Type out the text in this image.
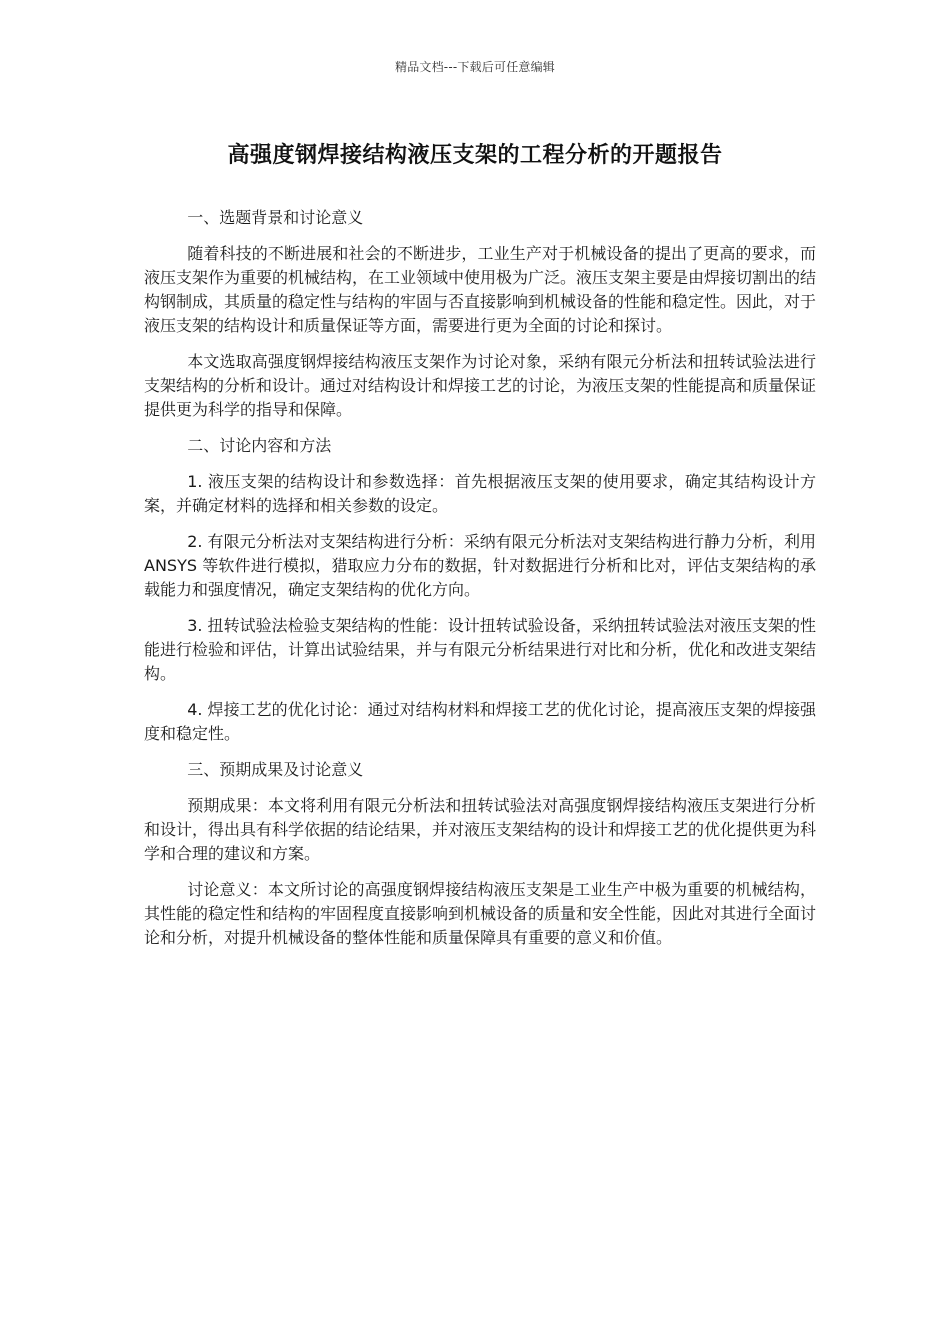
精品文档---下载后可任意编辑
高强度钢焊接结构液压支架的工程分析的开题报告

一、选题背景和讨论意义

随着科技的不断进展和社会的不断进步，工业生产对于机械设备的提出了更高的要求，而液压支架作为重要的机械结构，在工业领域中使用极为广泛。液压支架主要是由焊接切割出的结构钢制成，其质量的稳定性与结构的牢固与否直接影响到机械设备的性能和稳定性。因此，对于液压支架的结构设计和质量保证等方面，需要进行更为全面的讨论和探讨。

本文选取高强度钢焊接结构液压支架作为讨论对象，采纳有限元分析法和扭转试验法进行支架结构的分析和设计。通过对结构设计和焊接工艺的讨论，为液压支架的性能提高和质量保证提供更为科学的指导和保障。

二、讨论内容和方法

1. 液压支架的结构设计和参数选择：首先根据液压支架的使用要求，确定其结构设计方案，并确定材料的选择和相关参数的设定。

2. 有限元分析法对支架结构进行分析：采纳有限元分析法对支架结构进行静力分析，利用 ANSYS 等软件进行模拟，猎取应力分布的数据，针对数据进行分析和比对，评估支架结构的承载能力和强度情况，确定支架结构的优化方向。

3. 扭转试验法检验支架结构的性能：设计扭转试验设备，采纳扭转试验法对液压支架的性能进行检验和评估，计算出试验结果，并与有限元分析结果进行对比和分析，优化和改进支架结构。

4. 焊接工艺的优化讨论：通过对结构材料和焊接工艺的优化讨论，提高液压支架的焊接强度和稳定性。

三、预期成果及讨论意义

预期成果：本文将利用有限元分析法和扭转试验法对高强度钢焊接结构液压支架进行分析和设计，得出具有科学依据的结论结果，并对液压支架结构的设计和焊接工艺的优化提供更为科学和合理的建议和方案。

讨论意义：本文所讨论的高强度钢焊接结构液压支架是工业生产中极为重要的机械结构，其性能的稳定性和结构的牢固程度直接影响到机械设备的质量和安全性能，因此对其进行全面讨论和分析，对提升机械设备的整体性能和质量保障具有重要的意义和价值。
